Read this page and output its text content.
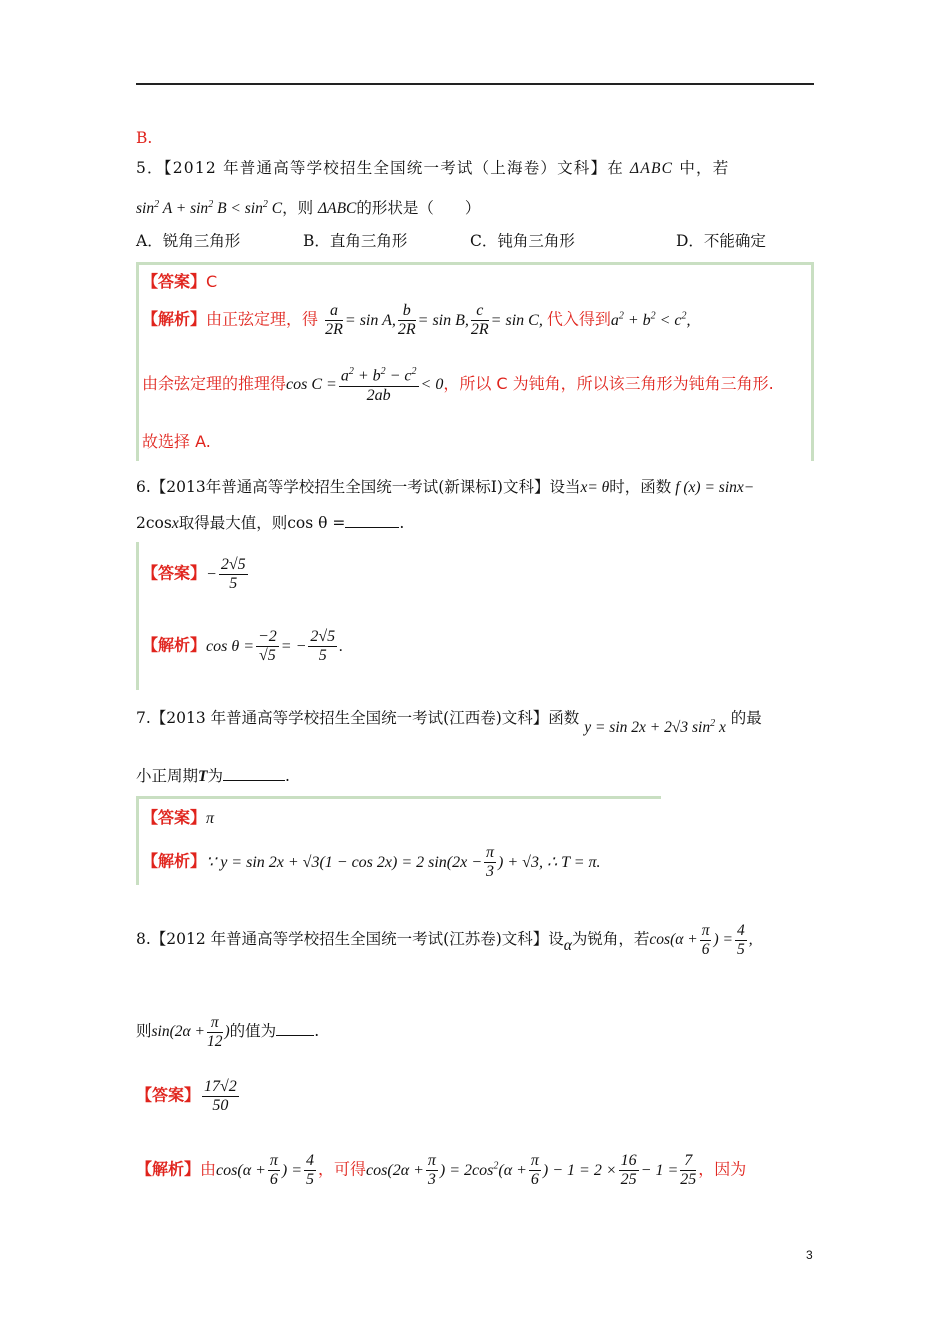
B.
5．【2012 年普通高等学校招生全国统一考试（上海卷）文科】在 ΔABC 中，若
$\sin^2 A + \sin^2 B < \sin^2 C$，则 ΔABC的形状是（　　）
A．锐角三角形	B．直角三角形	C．钝角三角形	D．不能确定
【答案】C
【解析】由正弦定理，得 $\frac{a}{2R} = \sin A$, $\frac{b}{2R} = \sin B$, $\frac{c}{2R} = \sin C$, 代入得到$a^2 + b^2 < c^2$,
由余弦定理的推理得$\cos C = \frac{a^2 + b^2 - c^2}{2ab} < 0$，所以 C 为钝角，所以该三角形为钝角三角形.
故选择 A.
6.【2013年普通高等学校招生全国统一考试(新课标Ⅰ)文科】设当x= θ时，函数 f (x) = sinx−
2cosx取得最大值，则cos θ =	.
【答案】− $\frac{2√5}{5}$
【解析】$\cos \theta = \frac{-2}{√5}$ = − $\frac{2√5}{5}$ .
7.【2013 年普通高等学校招生全国统一考试(江西卷)文科】函数 y = sin 2x + 2√3 $\sin^2 x$ 的最
小正周期T为	.
【答案】π
【解析】∵ y = sin 2x + √3(1 − cos 2x) = 2 $\sin(2x - \frac{\pi}{3}$ ) + √3, ∴ T = π.
8.【2012 年普通高等学校招生全国统一考试(江苏卷)文科】设α为锐角，若$\cos(\alpha + \frac{\pi}{6}$ ) = $\frac{4}{5}$ ,
则$\sin(2\alpha + \frac{\pi}{12}$ )的值为 .
【答案】 $\frac{17√2}{50}$
【解析】由$\cos(\alpha + \frac{\pi}{6}$ ) = $\frac{4}{5}$ ，可得$\cos(2\alpha + \frac{\pi}{3}$ ) = $2\cos^2(\alpha + \frac{\pi}{6}$ ) − $1 = 2 \times \frac{16}{25} - 1 = \frac{7}{25}$ ，因为
3
